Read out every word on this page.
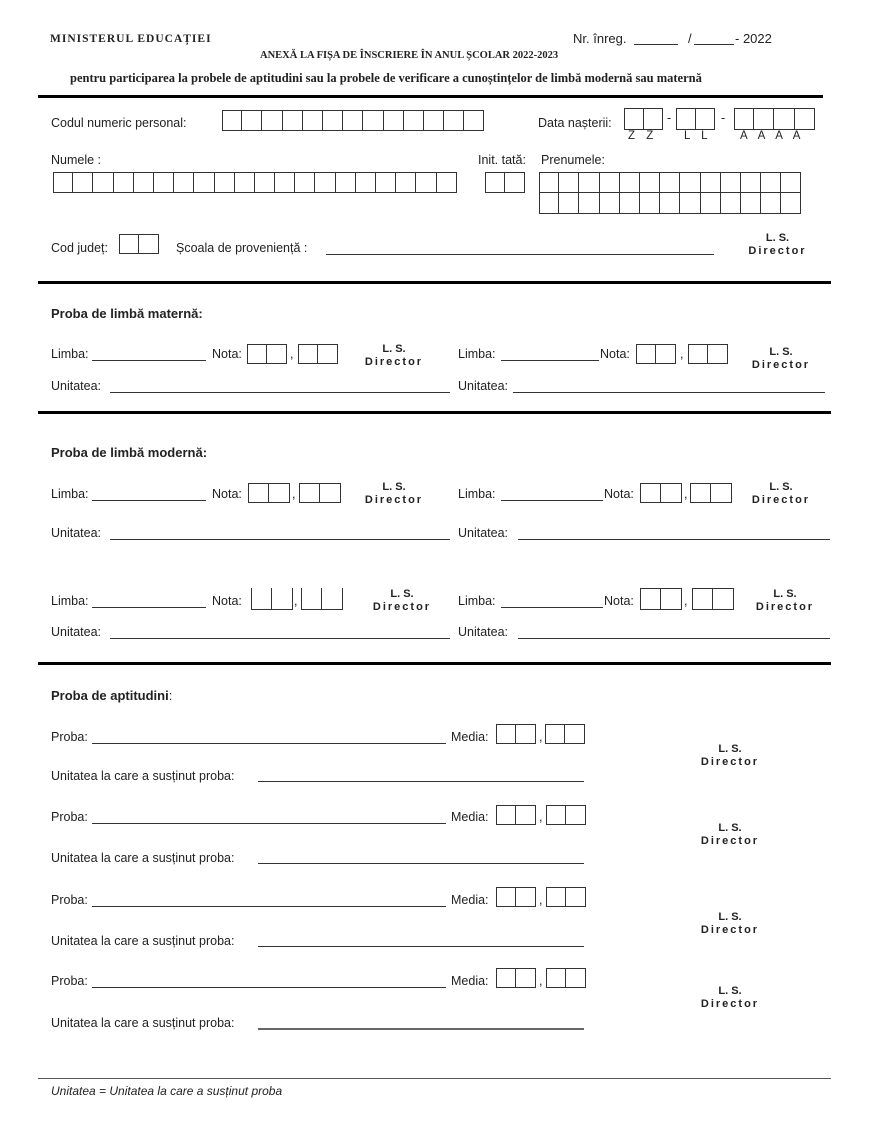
MINISTERUL EDUCAȚIEI	Nr. înreg.	/	- 2022
ANEXĂ LA FIȘA DE ÎNSCRIERE ÎN ANUL ȘCOLAR 2022-2023
pentru participarea la probele de aptitudini sau la probele de verificare a cunoștințelor de limbă modernă sau maternă
Codul numeric personal:	Data nașterii:	-	-
Z Z L L A A A A
Numele :	Init. tată: Prenumele:
Cod județ:	Școala de proveniență :
L. S.
Director
Proba de limbă maternă:
Limba:	Nota:	,	L. S.
Director
Unitatea:
Limba:	Nota:	,	L. S.
Director
Unitatea:
Proba de limbă modernă:
Limba:	Nota:	,	L. S.
Director
Unitatea:
Limba:	Nota:	,	L. S.
Director
Unitatea:
Limba:	Nota:	,	L. S.
Director
Unitatea:
Limba:	Nota:	,	L. S.
Director
Unitatea:
Proba de aptitudini:
Proba:	Media:	,
Unitatea la care a susținut proba:
L. S.
Director
Proba:	Media:	,
Unitatea la care a susținut proba:
L. S.
Director
Proba:	Media:	,
Unitatea la care a susținut proba:
L. S.
Director
Proba:	Media:	,
Unitatea la care a susținut proba:
L. S.
Director
Unitatea = Unitatea la care a susținut proba
